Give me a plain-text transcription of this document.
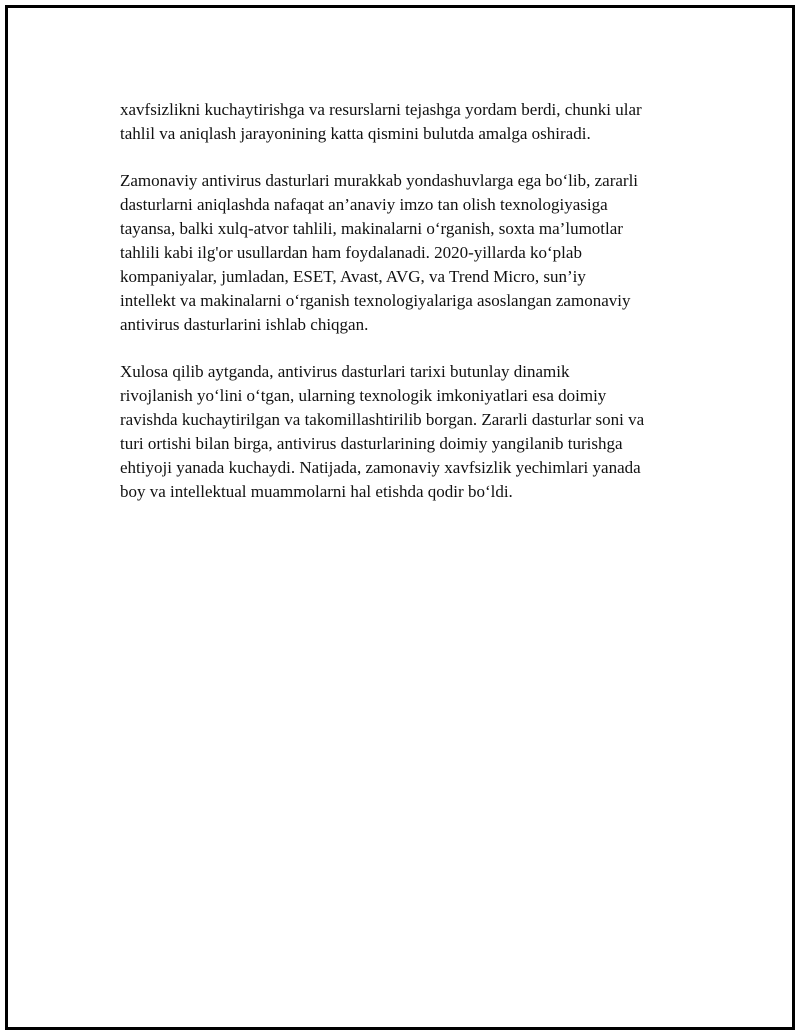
xavfsizlikni kuchaytirishga va resurslarni tejashga yordam berdi, chunki ular
tahlil va aniqlash jarayonining katta qismini bulutda amalga oshiradi.

Zamonaviy antivirus dasturlari murakkab yondashuvlarga ega bo‘lib, zararli
dasturlarni aniqlashda nafaqat an’anaviy imzo tan olish texnologiyasiga
tayansa, balki xulq-atvor tahlili, makinalarni o‘rganish, soxta ma’lumotlar
tahlili kabi ilg'or usullardan ham foydalanadi. 2020-yillarda ko‘plab
kompaniyalar, jumladan, ESET, Avast, AVG, va Trend Micro, sun’iy
intellekt va makinalarni o‘rganish texnologiyalariga asoslangan zamonaviy
antivirus dasturlarini ishlab chiqgan.

Xulosa qilib aytganda, antivirus dasturlari tarixi butunlay dinamik
rivojlanish yo‘lini o‘tgan, ularning texnologik imkoniyatlari esa doimiy
ravishda kuchaytirilgan va takomillashtirilib borgan. Zararli dasturlar soni va
turi ortishi bilan birga, antivirus dasturlarining doimiy yangilanib turishga
ehtiyoji yanada kuchaydi. Natijada, zamonaviy xavfsizlik yechimlari yanada
boy va intellektual muammolarni hal etishda qodir bo‘ldi.
